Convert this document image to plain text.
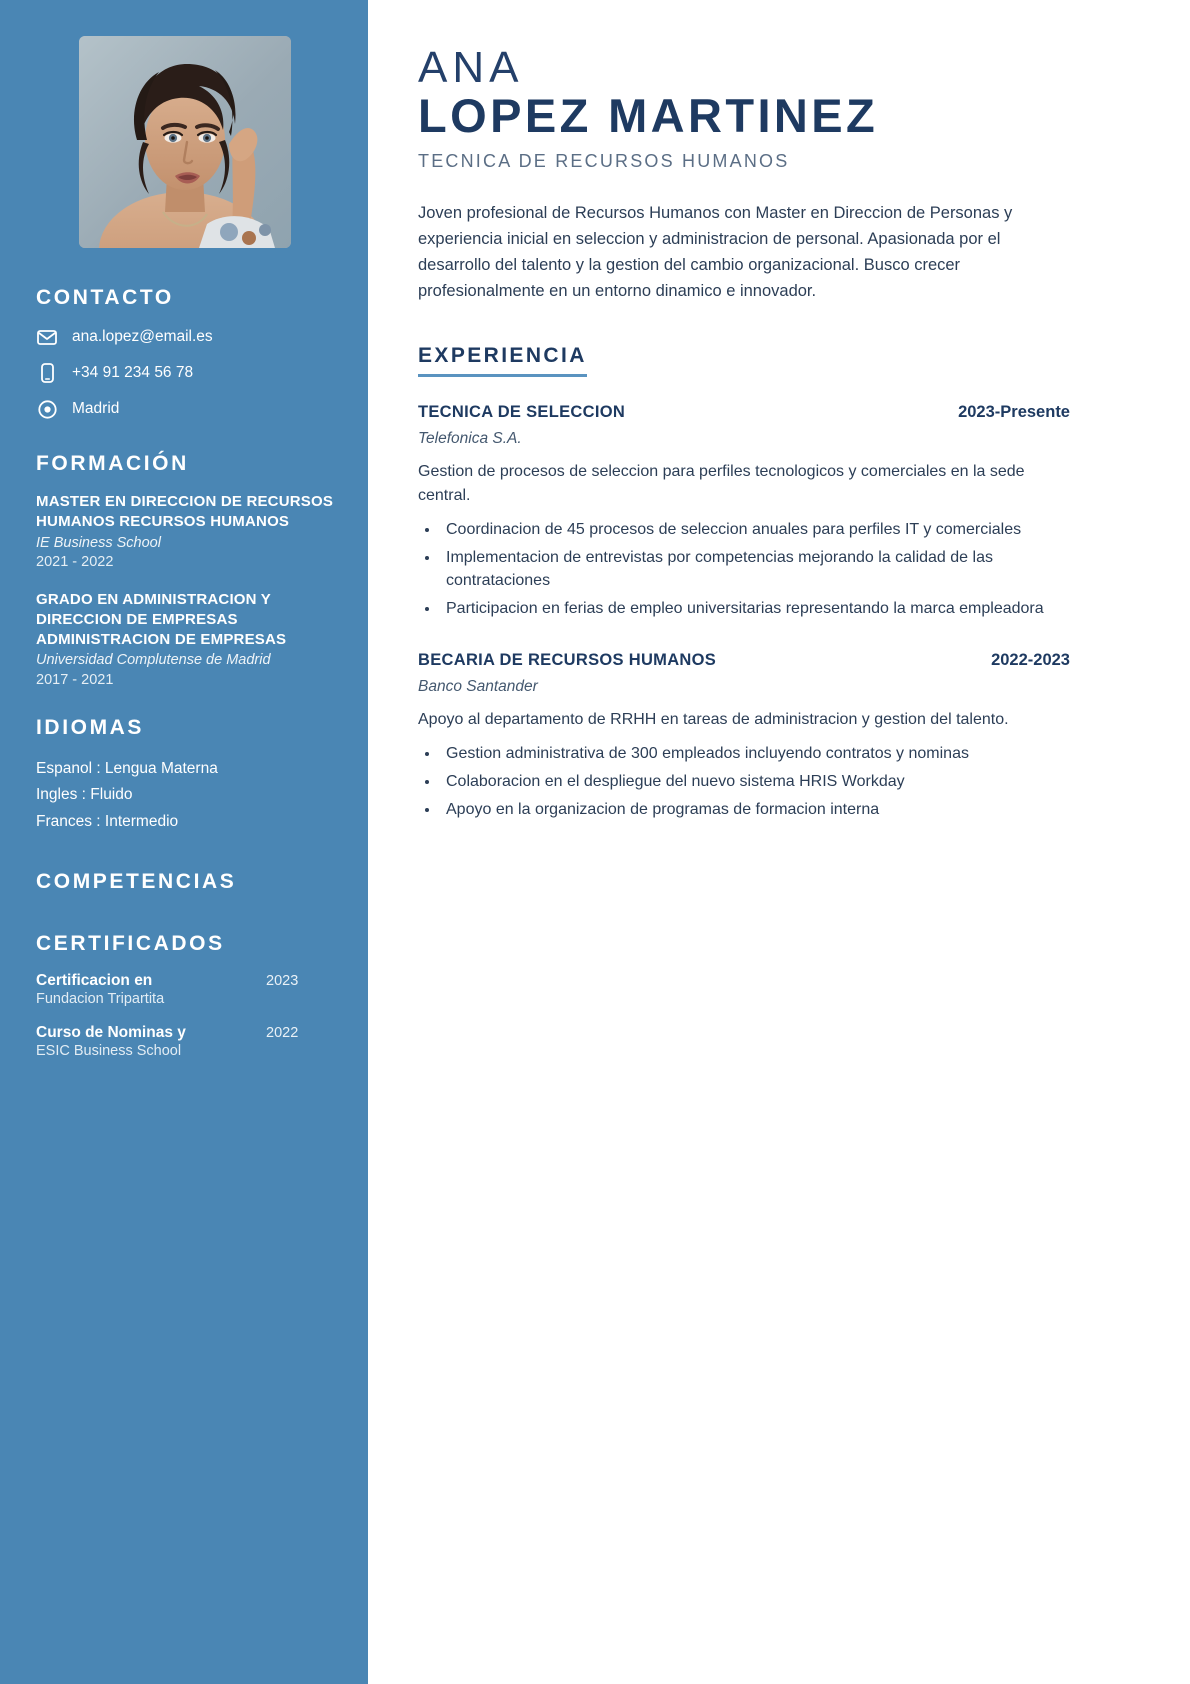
CONTACTO
ana.lopez@email.es
+34 91 234 56 78
Madrid
FORMACIÓN
MASTER EN DIRECCION DE RECURSOS HUMANOS RECURSOS HUMANOS
IE Business School
2021 - 2022
GRADO EN ADMINISTRACION Y DIRECCION DE EMPRESAS ADMINISTRACION DE EMPRESAS
Universidad Complutense de Madrid
2017 - 2021
IDIOMAS
Espanol : Lengua Materna
Ingles : Fluido
Frances : Intermedio
COMPETENCIAS
CERTIFICADOS
Certificacion en	2023
Fundacion Tripartita
Curso de Nominas y	2022
ESIC Business School
ANA
LOPEZ MARTINEZ
TECNICA DE RECURSOS HUMANOS

Joven profesional de Recursos Humanos con Master en Direccion de Personas y experiencia inicial en seleccion y administracion de personal. Apasionada por el desarrollo del talento y la gestion del cambio organizacional. Busco crecer profesionalmente en un entorno dinamico e innovador.

EXPERIENCIA
TECNICA DE SELECCION	2023-Presente
Telefonica S.A.
Gestion de procesos de seleccion para perfiles tecnologicos y comerciales en la sede central.
• Coordinacion de 45 procesos de seleccion anuales para perfiles IT y comerciales
• Implementacion de entrevistas por competencias mejorando la calidad de las contrataciones
• Participacion en ferias de empleo universitarias representando la marca empleadora
BECARIA DE RECURSOS HUMANOS	2022-2023
Banco Santander
Apoyo al departamento de RRHH en tareas de administracion y gestion del talento.
• Gestion administrativa de 300 empleados incluyendo contratos y nominas
• Colaboracion en el despliegue del nuevo sistema HRIS Workday
• Apoyo en la organizacion de programas de formacion interna
